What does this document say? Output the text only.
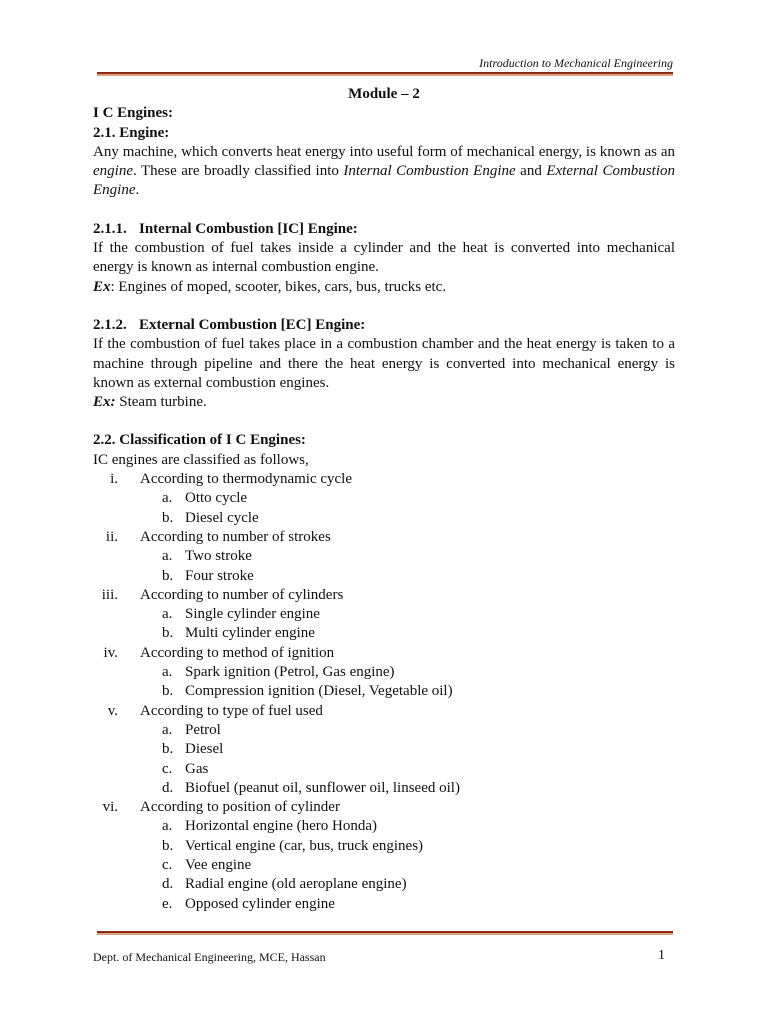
Introduction to Mechanical Engineering

Module – 2

I C Engines:
2.1. Engine:

Any machine, which converts heat energy into useful form of mechanical energy, is known as an engine. These are broadly classified into Internal Combustion Engine and External Combustion Engine.

2.1.1. Internal Combustion [IC] Engine:

If the combustion of fuel takes inside a cylinder and the heat is converted into mechanical energy is known as internal combustion engine.

Ex: Engines of moped, scooter, bikes, cars, bus, trucks etc.

2.1.2. External Combustion [EC] Engine:

If the combustion of fuel takes place in a combustion chamber and the heat energy is taken to a machine through pipeline and there the heat energy is converted into mechanical energy is known as external combustion engines.

Ex: Steam turbine.

2.2. Classification of I C Engines:

IC engines are classified as follows,

i. According to thermodynamic cycle
a. Otto cycle
b. Diesel cycle
ii. According to number of strokes
a. Two stroke
b. Four stroke
iii. According to number of cylinders
a. Single cylinder engine
b. Multi cylinder engine
iv. According to method of ignition
a. Spark ignition (Petrol, Gas engine)
b. Compression ignition (Diesel, Vegetable oil)
v. According to type of fuel used
a. Petrol
b. Diesel
c. Gas
d. Biofuel (peanut oil, sunflower oil, linseed oil)
vi. According to position of cylinder
a. Horizontal engine (hero Honda)
b. Vertical engine (car, bus, truck engines)
c. Vee engine
d. Radial engine (old aeroplane engine)
e. Opposed cylinder engine
Dept. of Mechanical Engineering, MCE, Hassan	1
